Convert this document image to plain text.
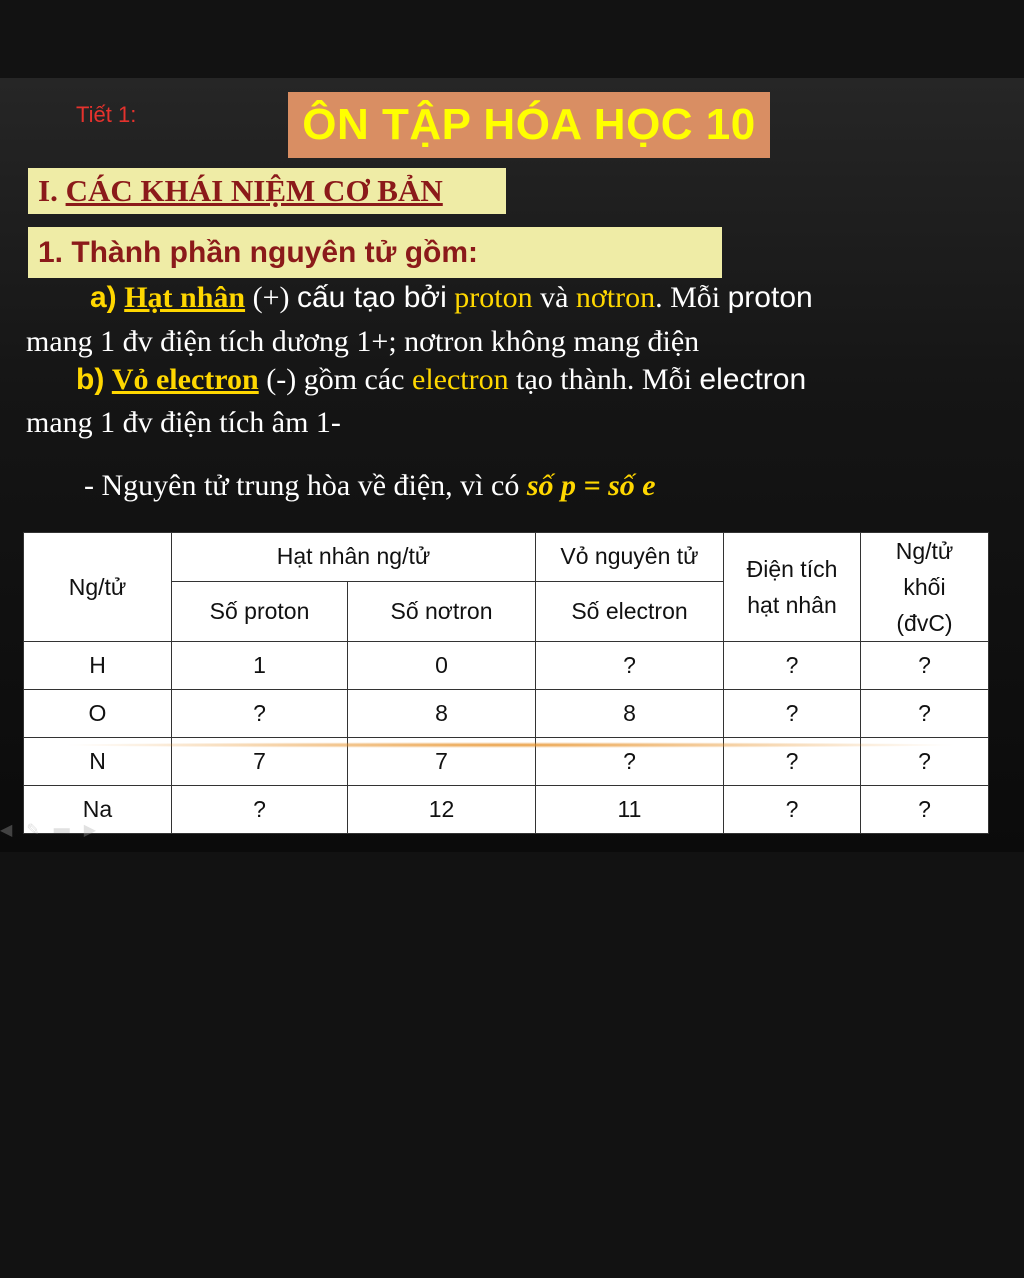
Tiết 1:	ÔN TẬP HÓA HỌC 10
I.
CÁC KHÁI NIỆM CƠ BẢN
1. Thành phần nguyên tử gồm:
a) Hạt nhân (+) cấu tạo bởi proton và nơtron. Mỗi proton
mang 1 đv điện tích dương 1+; nơtron không mang điện
b) Vỏ electron (-) gồm các electron tạo thành. Mỗi electron
mang 1 đv điện tích âm 1-
- Nguyên tử trung hòa về điện, vì có số p = số e
Ng/tử	Hạt nhân ng/tử		Vỏ nguyên tử	Điện tích hạt nhân	Ng/tử khối (đvC)
	Số proton	Số nơtron	Số electron		
H	1	0	?	?	?
O	?	8	8	?	?
N	7	7	?	?	?
Na	?	12	11	?	?
◀ ✎ ▬ ▶
